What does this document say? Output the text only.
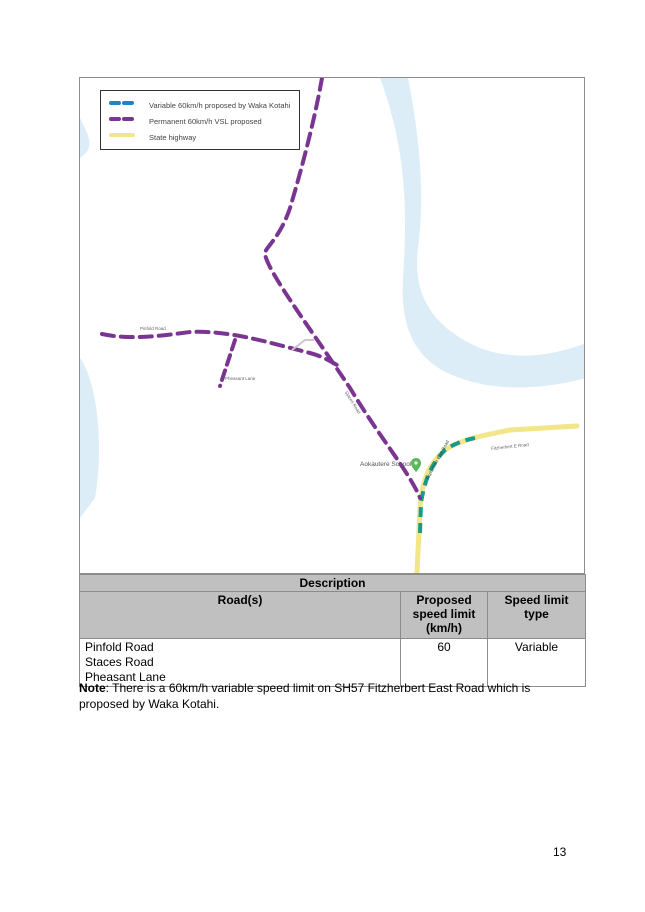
Variable 60km/h proposed by Waka Kotahi
Permanent 60km/h VSL proposed
State highway
Pinfold Road
Pheasant Lane
Staces Road
Fitzherbert E Road
Fitzherbert East Road
Aokautere School
Description		
Road(s)	Proposed speed limit (km/h)	Speed limit type

Pinfold Road
Staces Road
Pheasant Lane	60	Variable
Note: There is a 60km/h variable speed limit on SH57 Fitzherbert East Road which is proposed by Waka Kotahi.
13
